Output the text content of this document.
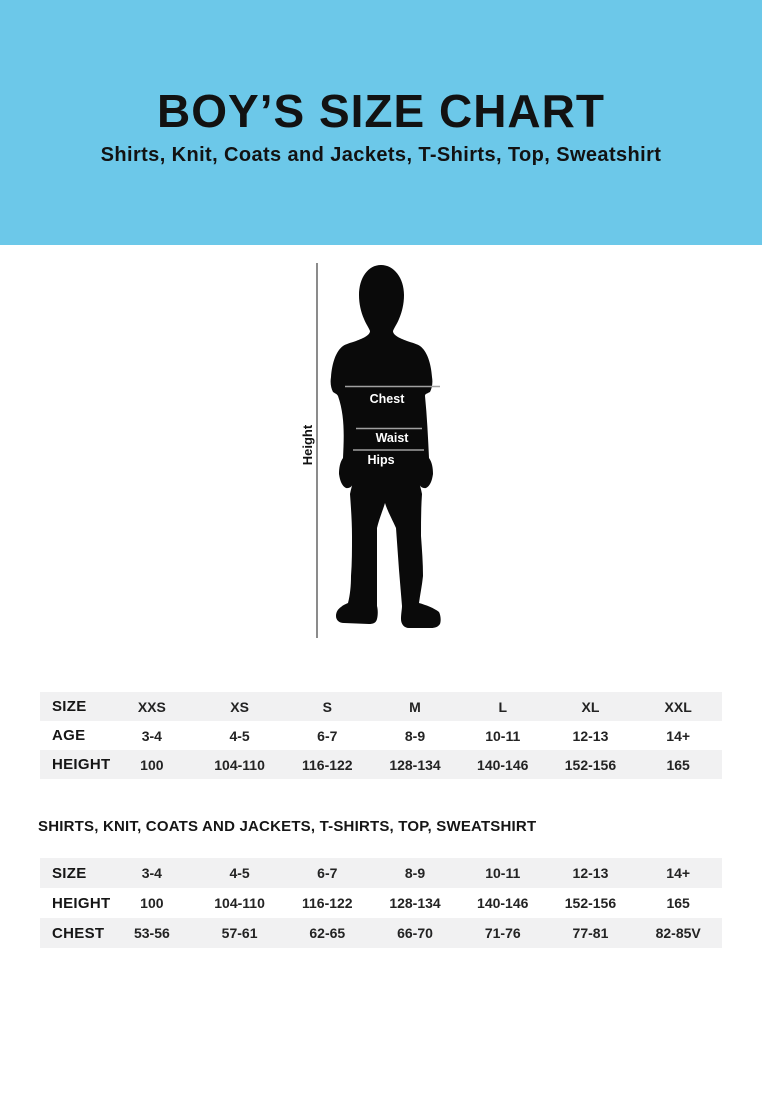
BOY’S SIZE CHART
Shirts, Knit, Coats and Jackets, T-Shirts, Top, Sweatshirt
Height
Chest
Waist
Hips
SIZE	XXS	XS	S	M	L	XL	XXL
AGE	3-4	4-5	6-7	8-9	10-11	12-13	14+
HEIGHT	100	104-110	116-122	128-134	140-146	152-156	165
SHIRTS, KNIT, COATS AND JACKETS, T-SHIRTS, TOP, SWEATSHIRT
SIZE	3-4	4-5	6-7	8-9	10-11	12-13	14+
HEIGHT	100	104-110	116-122	128-134	140-146	152-156	165
CHEST	53-56	57-61	62-65	66-70	71-76	77-81	82-85V
